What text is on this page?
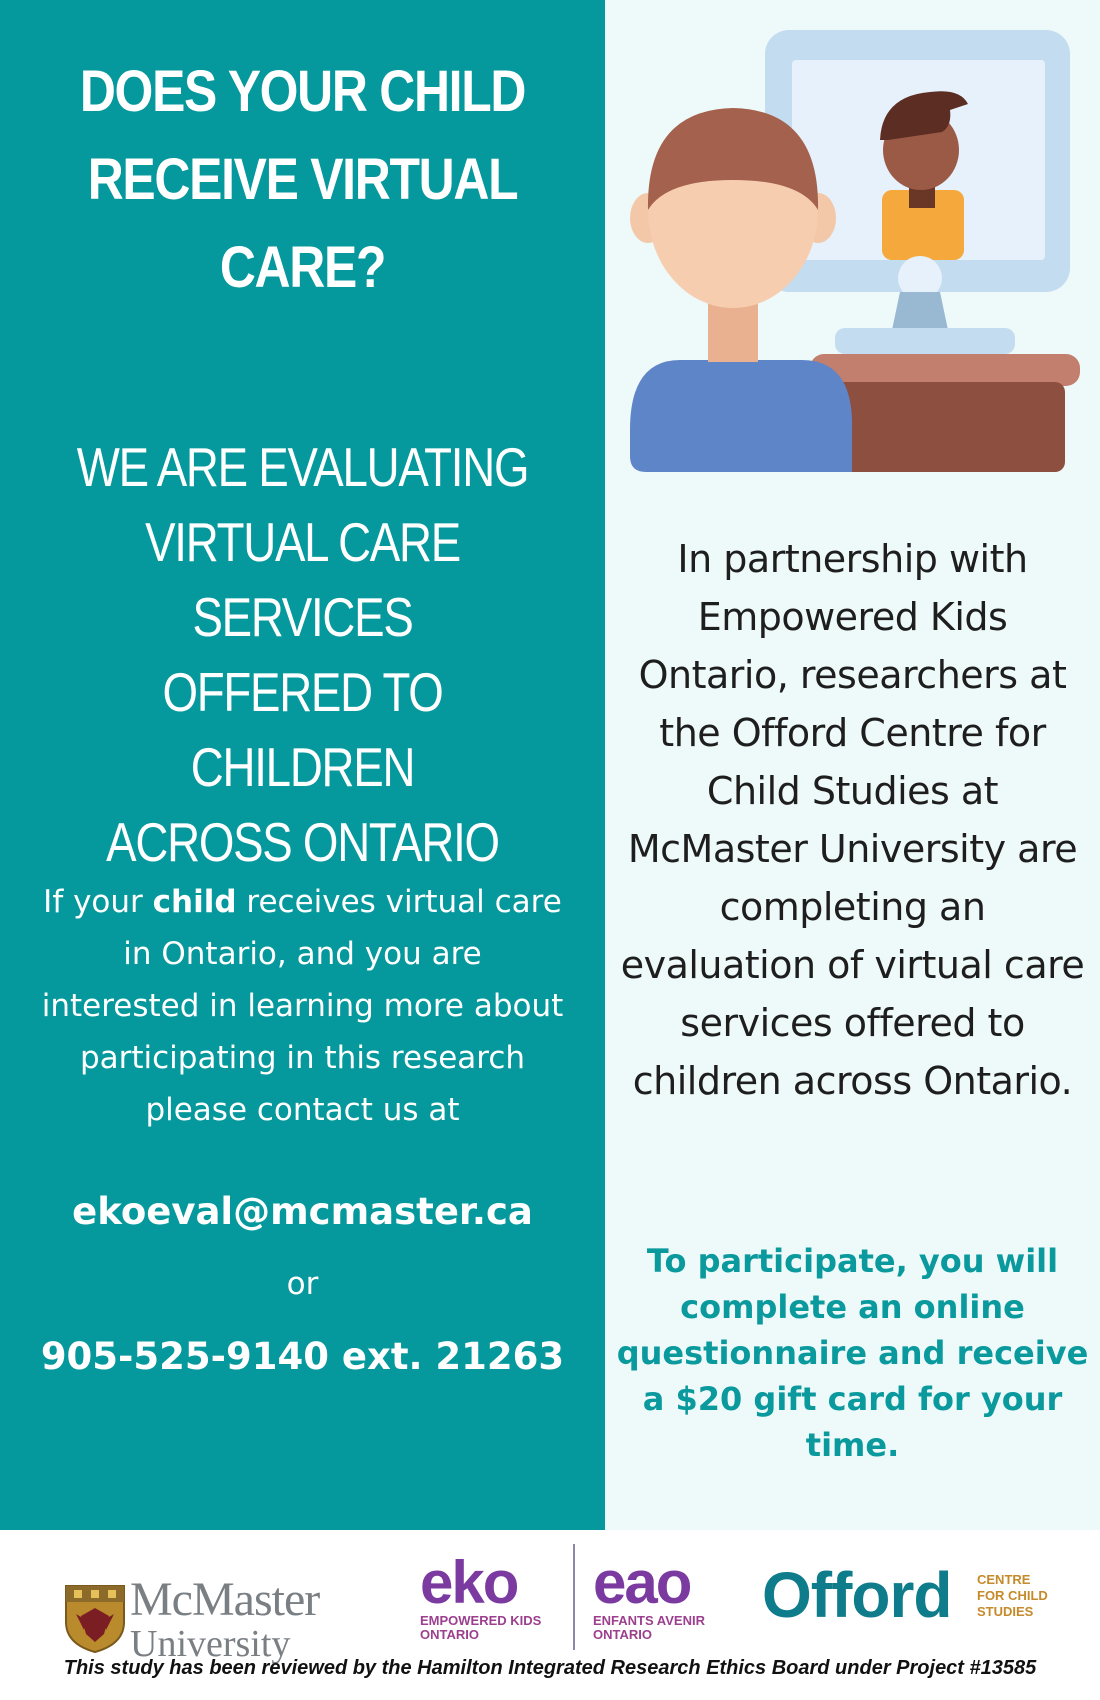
DOES YOUR CHILD
RECEIVE VIRTUAL
CARE?
WE ARE EVALUATING
VIRTUAL CARE SERVICES
OFFERED TO CHILDREN
ACROSS ONTARIO

If your child receives virtual care in Ontario, and you are interested in learning more about participating in this research please contact us at

ekoeval@mcmaster.ca
or
905-525-9140 ext. 21263

In partnership with Empowered Kids Ontario, researchers at the Offord Centre for Child Studies at McMaster University are completing an evaluation of virtual care services offered to children across Ontario.

To participate, you will complete an online questionnaire and receive a $20 gift card for your time.

McMaster
University
eko
EMPOWERED KIDS
ONTARIO
eao
ENFANTS AVENIR
ONTARIO
Offord CENTRE
FOR CHILD
STUDIES
This study has been reviewed by the Hamilton Integrated Research Ethics Board under Project #13585
